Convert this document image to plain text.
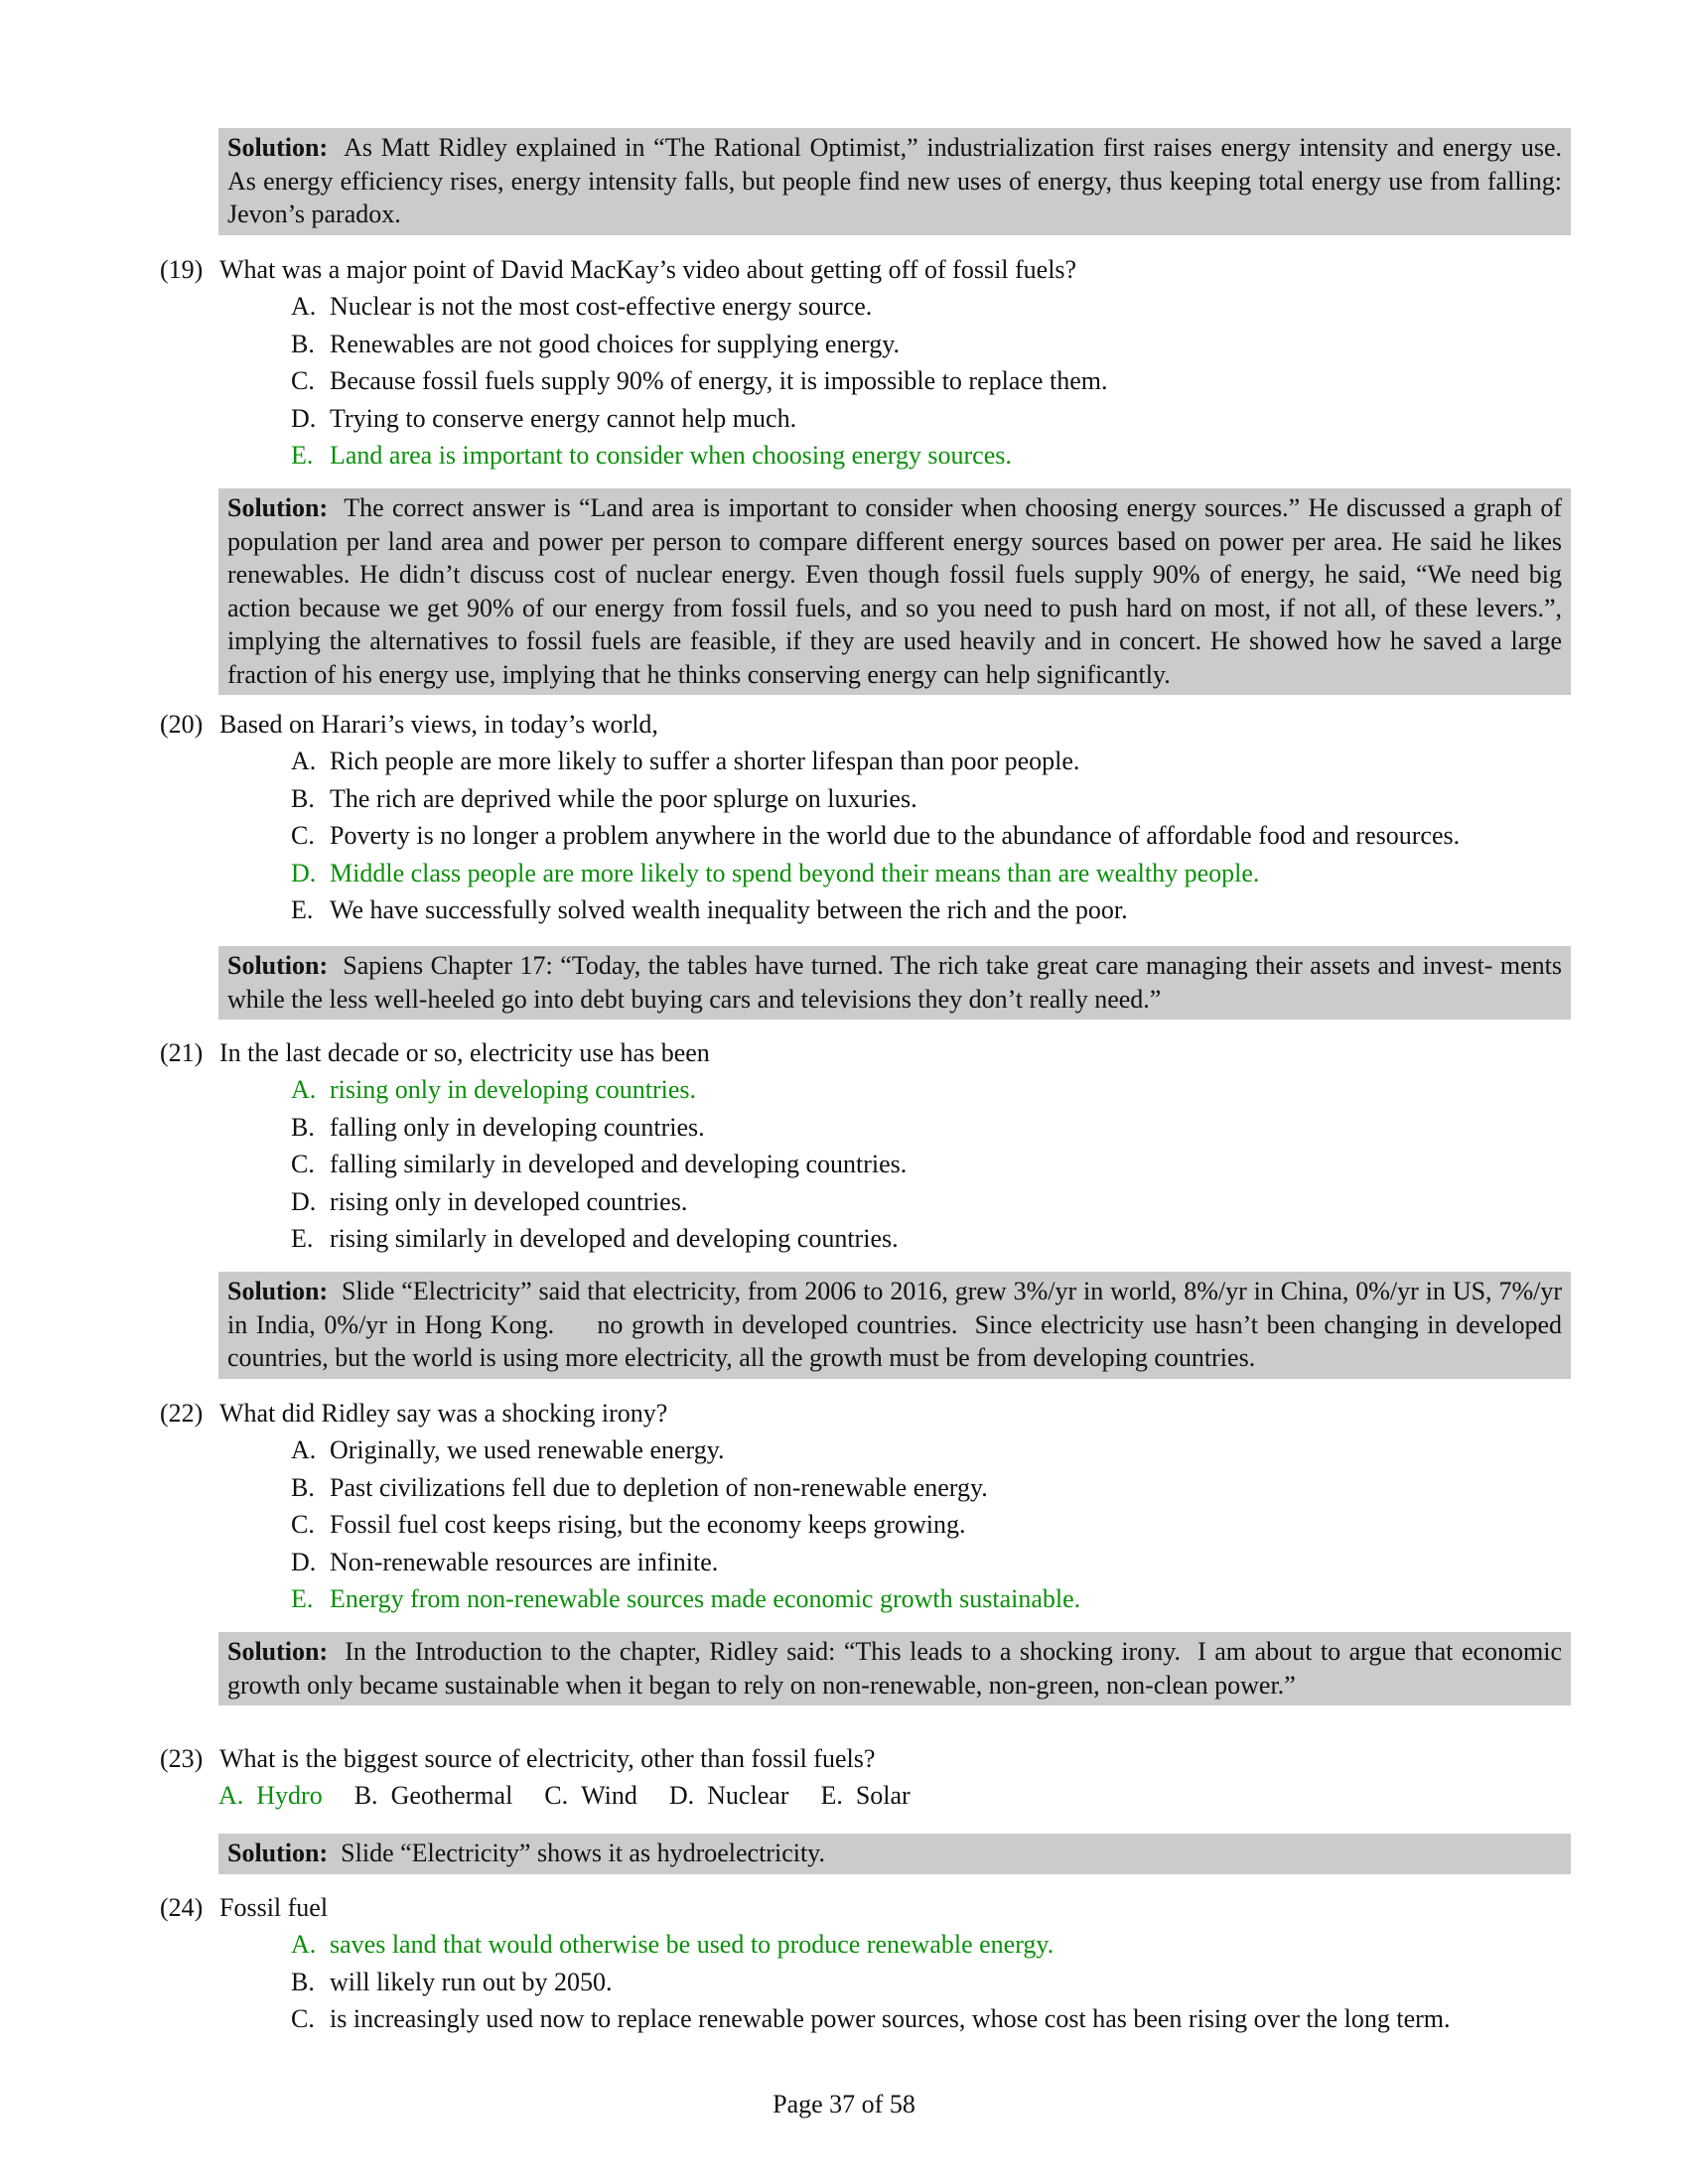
Solution: As Matt Ridley explained in “The Rational Optimist,” industrialization first raises energy intensity and energy use.  As energy efficiency rises, energy intensity falls, but people find new uses of energy, thus keeping total energy use from falling: Jevon’s paradox.
(19) What was a major point of David MacKay’s video about getting off of fossil fuels?
A. Nuclear is not the most cost-effective energy source.
B. Renewables are not good choices for supplying energy.
C. Because fossil fuels supply 90% of energy, it is impossible to replace them.
D. Trying to conserve energy cannot help much.
E. Land area is important to consider when choosing energy sources.
Solution: The correct answer is “Land area is important to consider when choosing energy sources.” He discussed a graph of population per land area and power per person to compare different energy sources based on power per area. He said he likes renewables. He didn’t discuss cost of nuclear energy. Even though fossil fuels supply 90% of energy, he said, “We need big action because we get 90% of our energy from fossil fuels, and so you need to push hard on most, if not all, of these levers.”, implying the alternatives to fossil fuels are feasible, if they are used heavily and in concert. He showed how he saved a large fraction of his energy use, implying that he thinks conserving energy can help significantly.
(20) Based on Harari’s views, in today’s world,
A. Rich people are more likely to suffer a shorter lifespan than poor people.
B. The rich are deprived while the poor splurge on luxuries.
C. Poverty is no longer a problem anywhere in the world due to the abundance of affordable food and resources.
D. Middle class people are more likely to spend beyond their means than are wealthy people.
E. We have successfully solved wealth inequality between the rich and the poor.
Solution: Sapiens Chapter 17: “Today, the tables have turned. The rich take great care managing their assets and invest- ments while the less well-heeled go into debt buying cars and televisions they don’t really need.”
(21) In the last decade or so, electricity use has been
A. rising only in developing countries.
B. falling only in developing countries.
C. falling similarly in developed and developing countries.
D. rising only in developed countries.
E. rising similarly in developed and developing countries.
Solution: Slide “Electricity” said that electricity, from 2006 to 2016, grew 3%/yr in world, 8%/yr in China, 0%/yr in US, 7%/yr in India, 0%/yr in Hong Kong.     no growth in developed countries.  Since electricity use hasn’t been changing in developed countries, but the world is using more electricity, all the growth must be from developing countries.
(22) What did Ridley say was a shocking irony?
A. Originally, we used renewable energy.
B. Past civilizations fell due to depletion of non-renewable energy.
C. Fossil fuel cost keeps rising, but the economy keeps growing.
D. Non-renewable resources are infinite.
E. Energy from non-renewable sources made economic growth sustainable.
Solution: In the Introduction to the chapter, Ridley said: “This leads to a shocking irony.  I am about to argue that economic growth only became sustainable when it began to rely on non-renewable, non-green, non-clean power.”
(23) What is the biggest source of electricity, other than fossil fuels?
A. Hydro B. Geothermal C. Wind D. Nuclear E. Solar
Solution: Slide “Electricity” shows it as hydroelectricity.
(24) Fossil fuel
A. saves land that would otherwise be used to produce renewable energy.
B. will likely run out by 2050.
C. is increasingly used now to replace renewable power sources, whose cost has been rising over the long term.
Page 37 of 58
